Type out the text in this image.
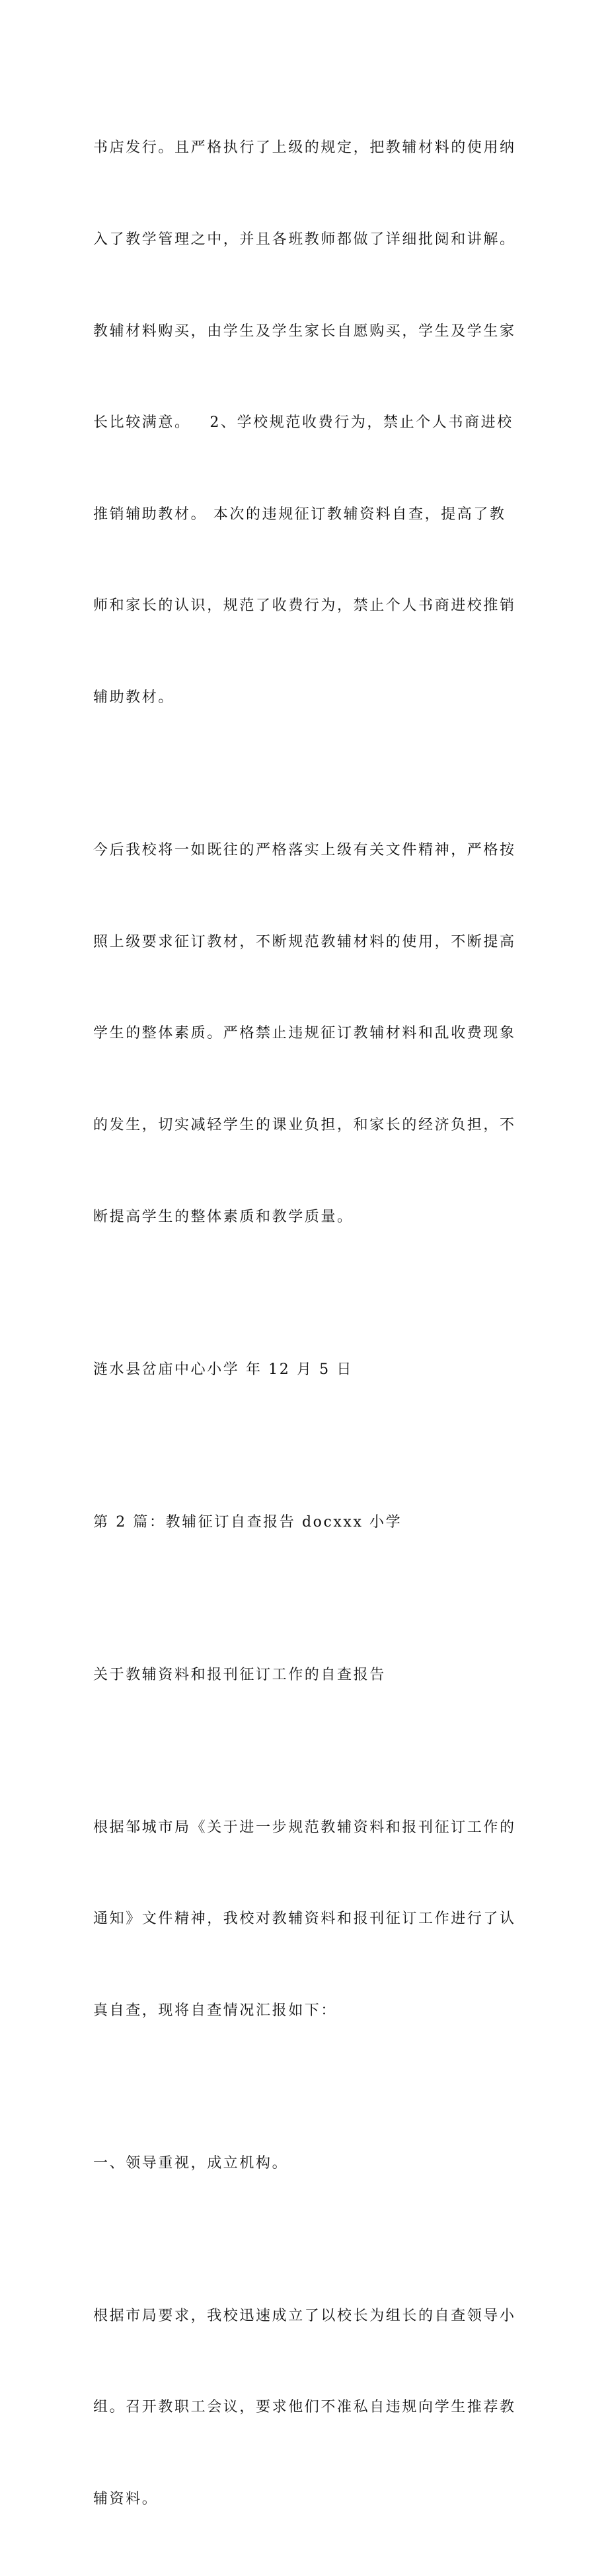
书店发行。且严格执行了上级的规定，把教辅材料的使用纳

入了教学管理之中，并且各班教师都做了详细批阅和讲解。

教辅材料购买，由学生及学生家长自愿购买，学生及学生家

长比较满意。   2、学校规范收费行为，禁止个人书商进校

推销辅助教材。 本次的违规征订教辅资料自查，提高了教

师和家长的认识，规范了收费行为，禁止个人书商进校推销

辅助教材。

今后我校将一如既往的严格落实上级有关文件精神，严格按

照上级要求征订教材，不断规范教辅材料的使用，不断提高

学生的整体素质。严格禁止违规征订教辅材料和乱收费现象

的发生，切实减轻学生的课业负担，和家长的经济负担，不

断提高学生的整体素质和教学质量。

涟水县岔庙中心小学 年 12 月 5 日

第 2 篇：教辅征订自查报告 docxxx 小学

关于教辅资料和报刊征订工作的自查报告

根据邹城市局《关于进一步规范教辅资料和报刊征订工作的

通知》文件精神，我校对教辅资料和报刊征订工作进行了认

真自查，现将自查情况汇报如下：

一、领导重视，成立机构。

根据市局要求，我校迅速成立了以校长为组长的自查领导小

组。召开教职工会议，要求他们不准私自违规向学生推荐教

辅资料。
